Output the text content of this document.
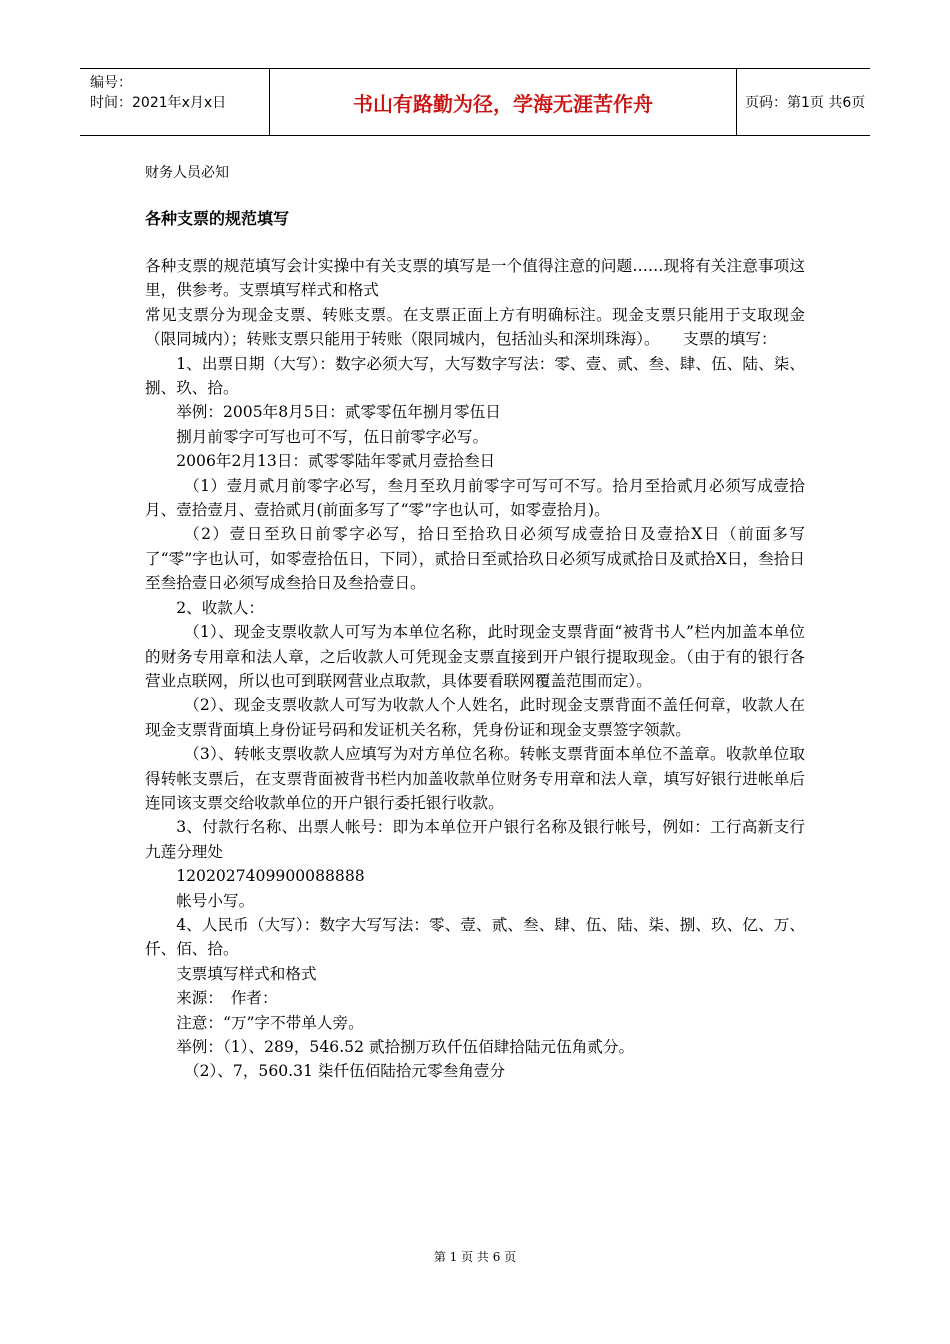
编号：
时间：2021年x月x日	书山有路勤为径，学海无涯苦作舟	页码：第1页 共6页
财务人员必知
各种支票的规范填写

各种支票的规范填写会计实操中有关支票的填写是一个值得注意的问题……现将有关注意事项这里，供参考。支票填写样式和格式

常见支票分为现金支票、转账支票。在支票正面上方有明确标注。现金支票只能用于支取现金（限同城内）；转账支票只能用于转账（限同城内，包括汕头和深圳珠海）。　　支票的填写：

1、出票日期（大写）：数字必须大写，大写数字写法：零、壹、贰、叁、肆、伍、陆、柒、捌、玖、拾。

举例：2005年8月5日：贰零零伍年捌月零伍日

捌月前零字可写也可不写，伍日前零字必写。

2006年2月13日：贰零零陆年零贰月壹拾叁日

（1）壹月贰月前零字必写，叁月至玖月前零字可写可不写。拾月至拾贰月必须写成壹拾月、壹拾壹月、壹拾贰月(前面多写了“零”字也认可，如零壹拾月)。

（2）壹日至玖日前零字必写，拾日至拾玖日必须写成壹拾日及壹拾X日（前面多写了“零”字也认可，如零壹拾伍日，下同），贰拾日至贰拾玖日必须写成贰拾日及贰拾X日，叁拾日至叁拾壹日必须写成叁拾日及叁拾壹日。

2、收款人：

（1）、现金支票收款人可写为本单位名称，此时现金支票背面“被背书人”栏内加盖本单位的财务专用章和法人章，之后收款人可凭现金支票直接到开户银行提取现金。（由于有的银行各营业点联网，所以也可到联网营业点取款，具体要看联网覆盖范围而定）。

（2）、现金支票收款人可写为收款人个人姓名，此时现金支票背面不盖任何章，收款人在现金支票背面填上身份证号码和发证机关名称，凭身份证和现金支票签字领款。

（3）、转帐支票收款人应填写为对方单位名称。转帐支票背面本单位不盖章。收款单位取得转帐支票后，在支票背面被背书栏内加盖收款单位财务专用章和法人章，填写好银行进帐单后连同该支票交给收款单位的开户银行委托银行收款。

3、付款行名称、出票人帐号：即为本单位开户银行名称及银行帐号，例如：工行高新支行九莲分理处

1202027409900088888

帐号小写。

4、人民币（大写）：数字大写写法：零、壹、贰、叁、肆、伍、陆、柒、捌、玖、亿、万、仟、佰、拾。

支票填写样式和格式

来源：　作者：

注意：“万”字不带单人旁。

举例：（1）、289，546.52 贰拾捌万玖仟伍佰肆拾陆元伍角贰分。

（2）、7，560.31 柒仟伍佰陆拾元零叁角壹分

第 1 页 共 6 页
